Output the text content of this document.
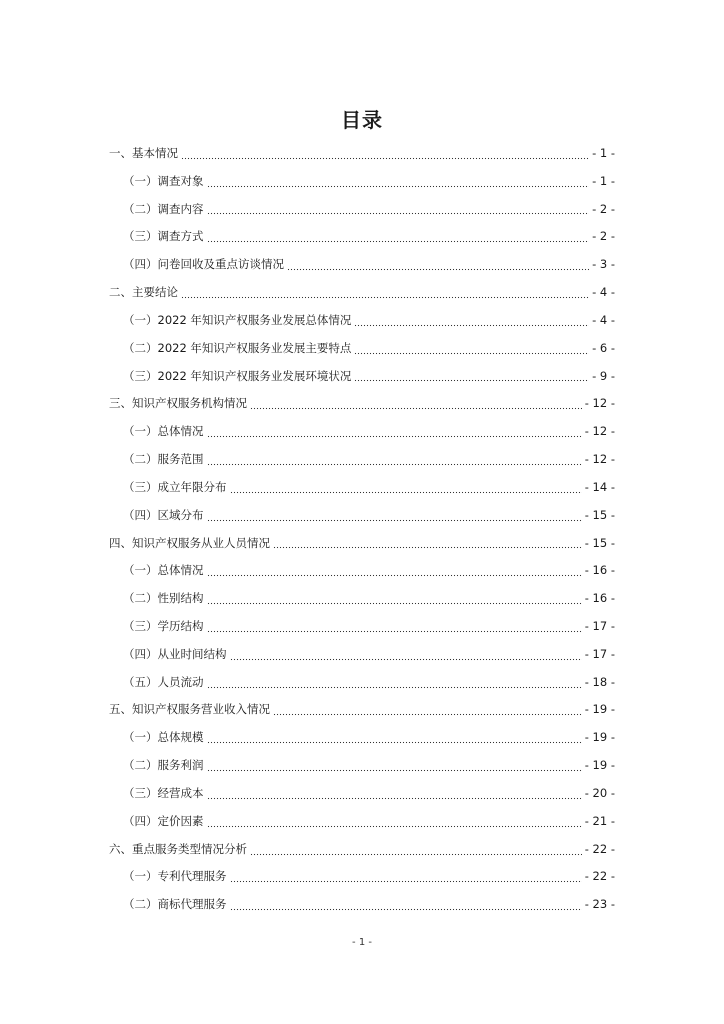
目录
一、基本情况	- 1 -
（一）调查对象	- 1 -
（二）调查内容	- 2 -
（三）调查方式	- 2 -
（四）问卷回收及重点访谈情况	- 3 -
二、主要结论	- 4 -
（一）2022 年知识产权服务业发展总体情况	- 4 -
（二）2022 年知识产权服务业发展主要特点	- 6 -
（三）2022 年知识产权服务业发展环境状况	- 9 -
三、知识产权服务机构情况	- 12 -
（一）总体情况	- 12 -
（二）服务范围	- 12 -
（三）成立年限分布	- 14 -
（四）区域分布	- 15 -
四、知识产权服务从业人员情况	- 15 -
（一）总体情况	- 16 -
（二）性别结构	- 16 -
（三）学历结构	- 17 -
（四）从业时间结构	- 17 -
（五）人员流动	- 18 -
五、知识产权服务营业收入情况	- 19 -
（一）总体规模	- 19 -
（二）服务利润	- 19 -
（三）经营成本	- 20 -
（四）定价因素	- 21 -
六、重点服务类型情况分析	- 22 -
（一）专利代理服务	- 22 -
（二）商标代理服务	- 23 -
- 1 -
